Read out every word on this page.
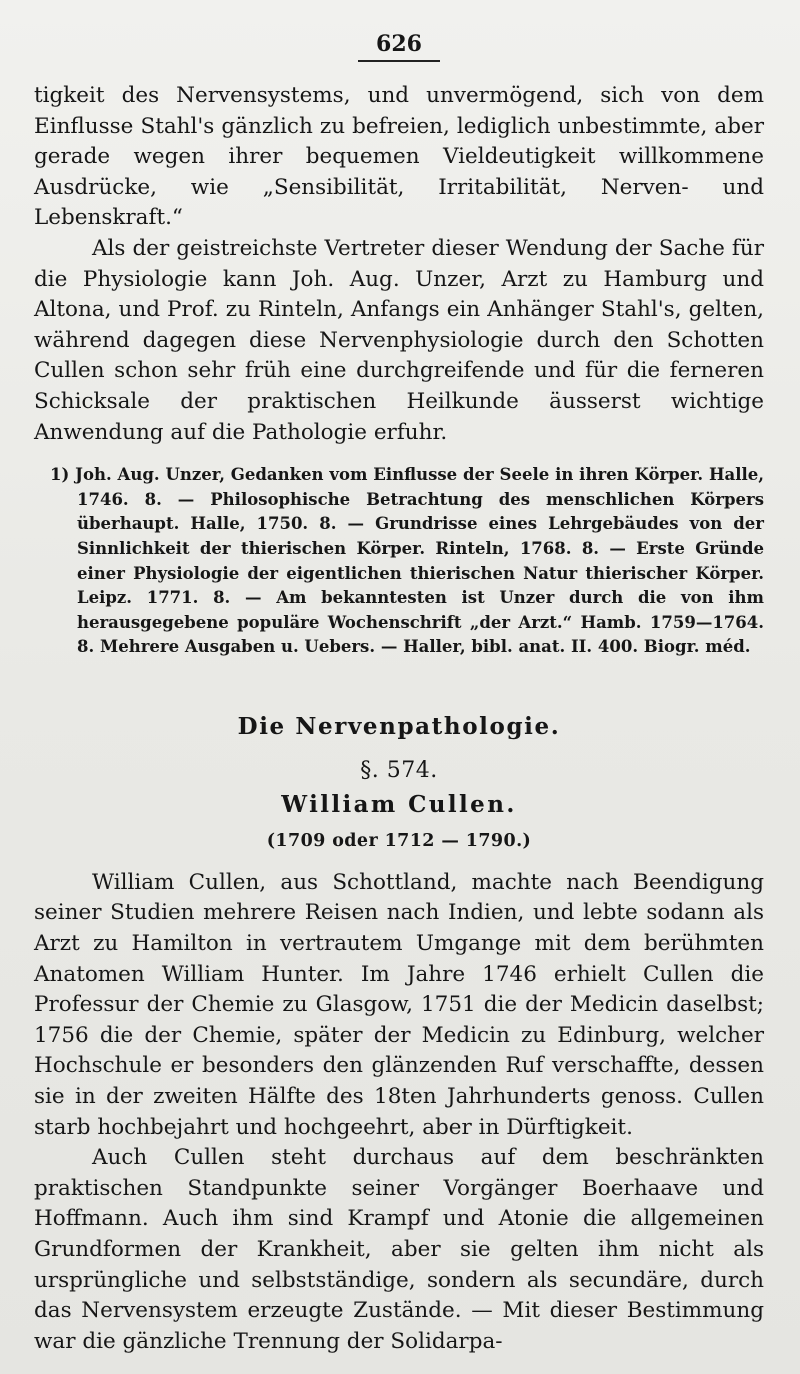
626

tigkeit des Nervensystems, und unvermögend, sich von dem Einflusse Stahl's gänzlich zu befreien, lediglich unbestimmte, aber gerade wegen ihrer bequemen Vieldeutigkeit willkommene Ausdrücke, wie „Sensibilität, Irritabilität, Nerven- und Lebenskraft.“

Als der geistreichste Vertreter dieser Wendung der Sache für die Physiologie kann Joh. Aug. Unzer, Arzt zu Hamburg und Altona, und Prof. zu Rinteln, Anfangs ein Anhänger Stahl's, gelten, während dagegen diese Nervenphysiologie durch den Schotten Cullen schon sehr früh eine durchgreifende und für die ferneren Schicksale der praktischen Heilkunde äusserst wichtige Anwendung auf die Pathologie erfuhr.

1) Joh. Aug. Unzer, Gedanken vom Einflusse der Seele in ihren Körper. Halle, 1746. 8. — Philosophische Betrachtung des menschlichen Körpers überhaupt. Halle, 1750. 8. — Grundrisse eines Lehrgebäudes von der Sinnlichkeit der thierischen Körper. Rinteln, 1768. 8. — Erste Gründe einer Physiologie der eigentlichen thierischen Natur thierischer Körper. Leipz. 1771. 8. — Am bekanntesten ist Unzer durch die von ihm herausgegebene populäre Wochenschrift „der Arzt.“ Hamb. 1759—1764. 8. Mehrere Ausgaben u. Uebers. — Haller, bibl. anat. II. 400. Biogr. méd.

Die Nervenpathologie.
§. 574.
William Cullen.
(1709 oder 1712 — 1790.)

William Cullen, aus Schottland, machte nach Beendigung seiner Studien mehrere Reisen nach Indien, und lebte sodann als Arzt zu Hamilton in vertrautem Umgange mit dem berühmten Anatomen William Hunter. Im Jahre 1746 erhielt Cullen die Professur der Chemie zu Glasgow, 1751 die der Medicin daselbst; 1756 die der Chemie, später der Medicin zu Edinburg, welcher Hochschule er besonders den glänzenden Ruf verschaffte, dessen sie in der zweiten Hälfte des 18ten Jahrhunderts genoss. Cullen starb hochbejahrt und hochgeehrt, aber in Dürftigkeit.

Auch Cullen steht durchaus auf dem beschränkten praktischen Standpunkte seiner Vorgänger Boerhaave und Hoffmann. Auch ihm sind Krampf und Atonie die allgemeinen Grundformen der Krankheit, aber sie gelten ihm nicht als ursprüngliche und selbstständige, sondern als secundäre, durch das Nervensystem erzeugte Zustände. — Mit dieser Bestimmung war die gänzliche Trennung der Solidarpa-
